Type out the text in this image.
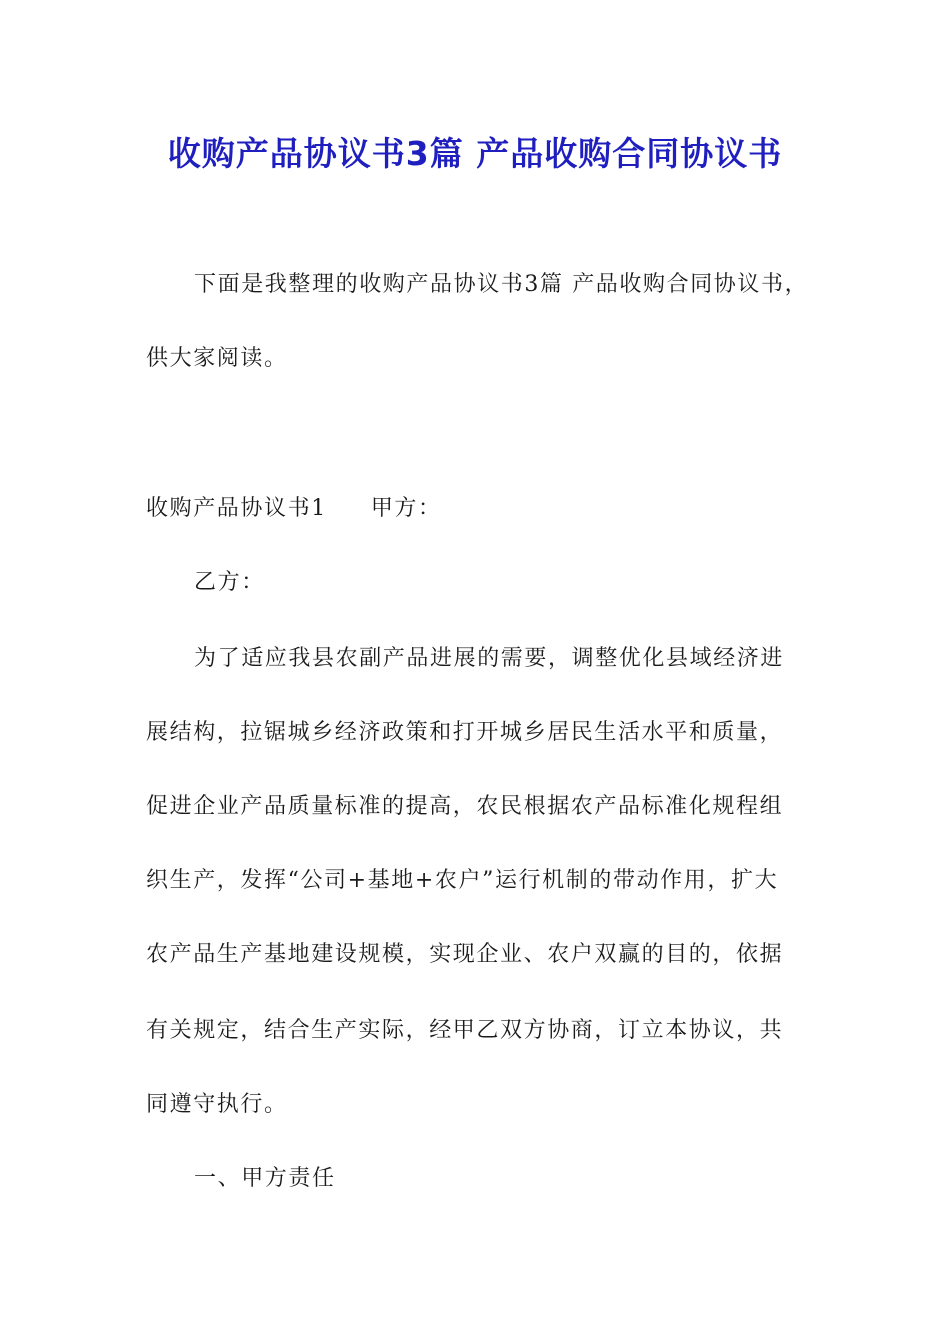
收购产品协议书3篇 产品收购合同协议书
下面是我整理的收购产品协议书3篇 产品收购合同协议书，
供大家阅读。
收购产品协议书1 甲方：
乙方：
为了适应我县农副产品进展的需要，调整优化县域经济进
展结构，拉锯城乡经济政策和打开城乡居民生活水平和质量，
促进企业产品质量标准的提高，农民根据农产品标准化规程组
织生产，发挥“公司+基地+农户”运行机制的带动作用，扩大
农产品生产基地建设规模，实现企业、农户双赢的目的，依据
有关规定，结合生产实际，经甲乙双方协商，订立本协议，共
同遵守执行。
一、甲方责任
